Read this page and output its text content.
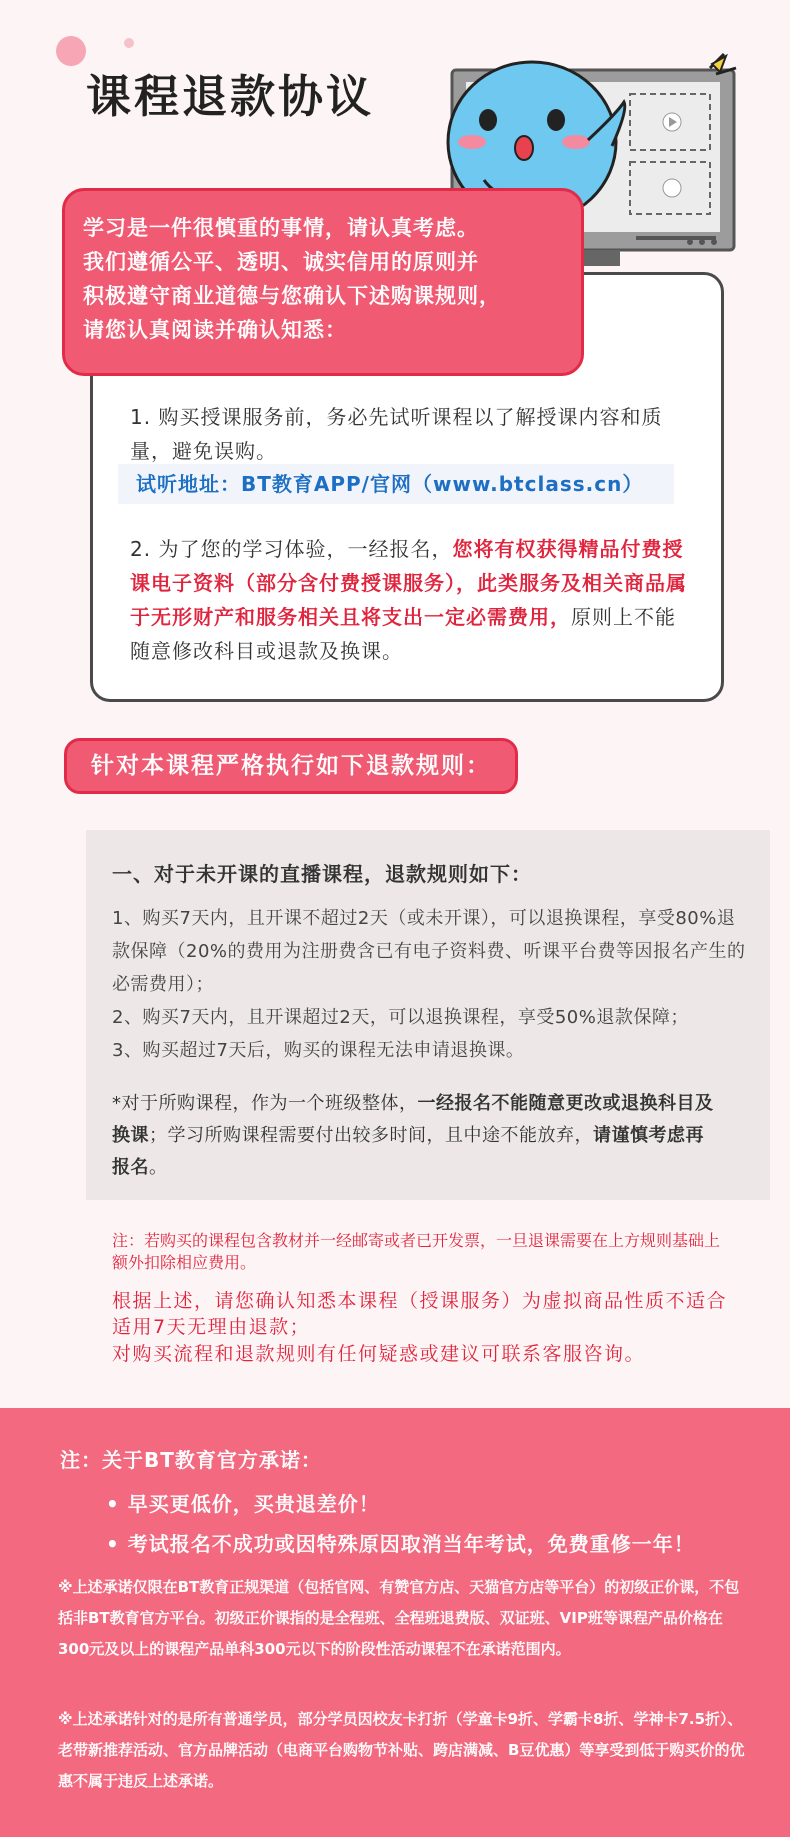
课程退款协议
学习是一件很慎重的事情，请认真考虑。
我们遵循公平、透明、诚实信用的原则并
积极遵守商业道德与您确认下述购课规则，
请您认真阅读并确认知悉：
1. 购买授课服务前，务必先试听课程以了解授课内容和质量，避免误购。
试听地址：BT教育APP/官网（www.btclass.cn）
2. 为了您的学习体验，一经报名，您将有权获得精品付费授课电子资料（部分含付费授课服务），此类服务及相关商品属于无形财产和服务相关且将支出一定必需费用，原则上不能随意修改科目或退款及换课。
针对本课程严格执行如下退款规则：
一、对于未开课的直播课程，退款规则如下：
1、购买7天内，且开课不超过2天（或未开课），可以退换课程，享受80%退款保障（20%的费用为注册费含已有电子资料费、听课平台费等因报名产生的必需费用）；
2、购买7天内，且开课超过2天，可以退换课程，享受50%退款保障；
3、购买超过7天后，购买的课程无法申请退换课。
*对于所购课程，作为一个班级整体，一经报名不能随意更改或退换科目及换课；学习所购课程需要付出较多时间，且中途不能放弃，请谨慎考虑再报名。
注：若购买的课程包含教材并一经邮寄或者已开发票，一旦退课需要在上方规则基础上额外扣除相应费用。
根据上述，请您确认知悉本课程（授课服务）为虚拟商品性质不适合适用7天无理由退款；
对购买流程和退款规则有任何疑惑或建议可联系客服咨询。
注：关于BT教育官方承诺：
• 早买更低价，买贵退差价！
• 考试报名不成功或因特殊原因取消当年考试，免费重修一年！
※上述承诺仅限在BT教育正规渠道（包括官网、有赞官方店、天猫官方店等平台）的初级正价课，不包括非BT教育官方平台。初级正价课指的是全程班、全程班退费版、双证班、VIP班等课程产品价格在300元及以上的课程产品单科300元以下的阶段性活动课程不在承诺范围内。
※上述承诺针对的是所有普通学员，部分学员因校友卡打折（学童卡9折、学霸卡8折、学神卡7.5折）、老带新推荐活动、官方品牌活动（电商平台购物节补贴、跨店满减、B豆优惠）等享受到低于购买价的优惠不属于违反上述承诺。
